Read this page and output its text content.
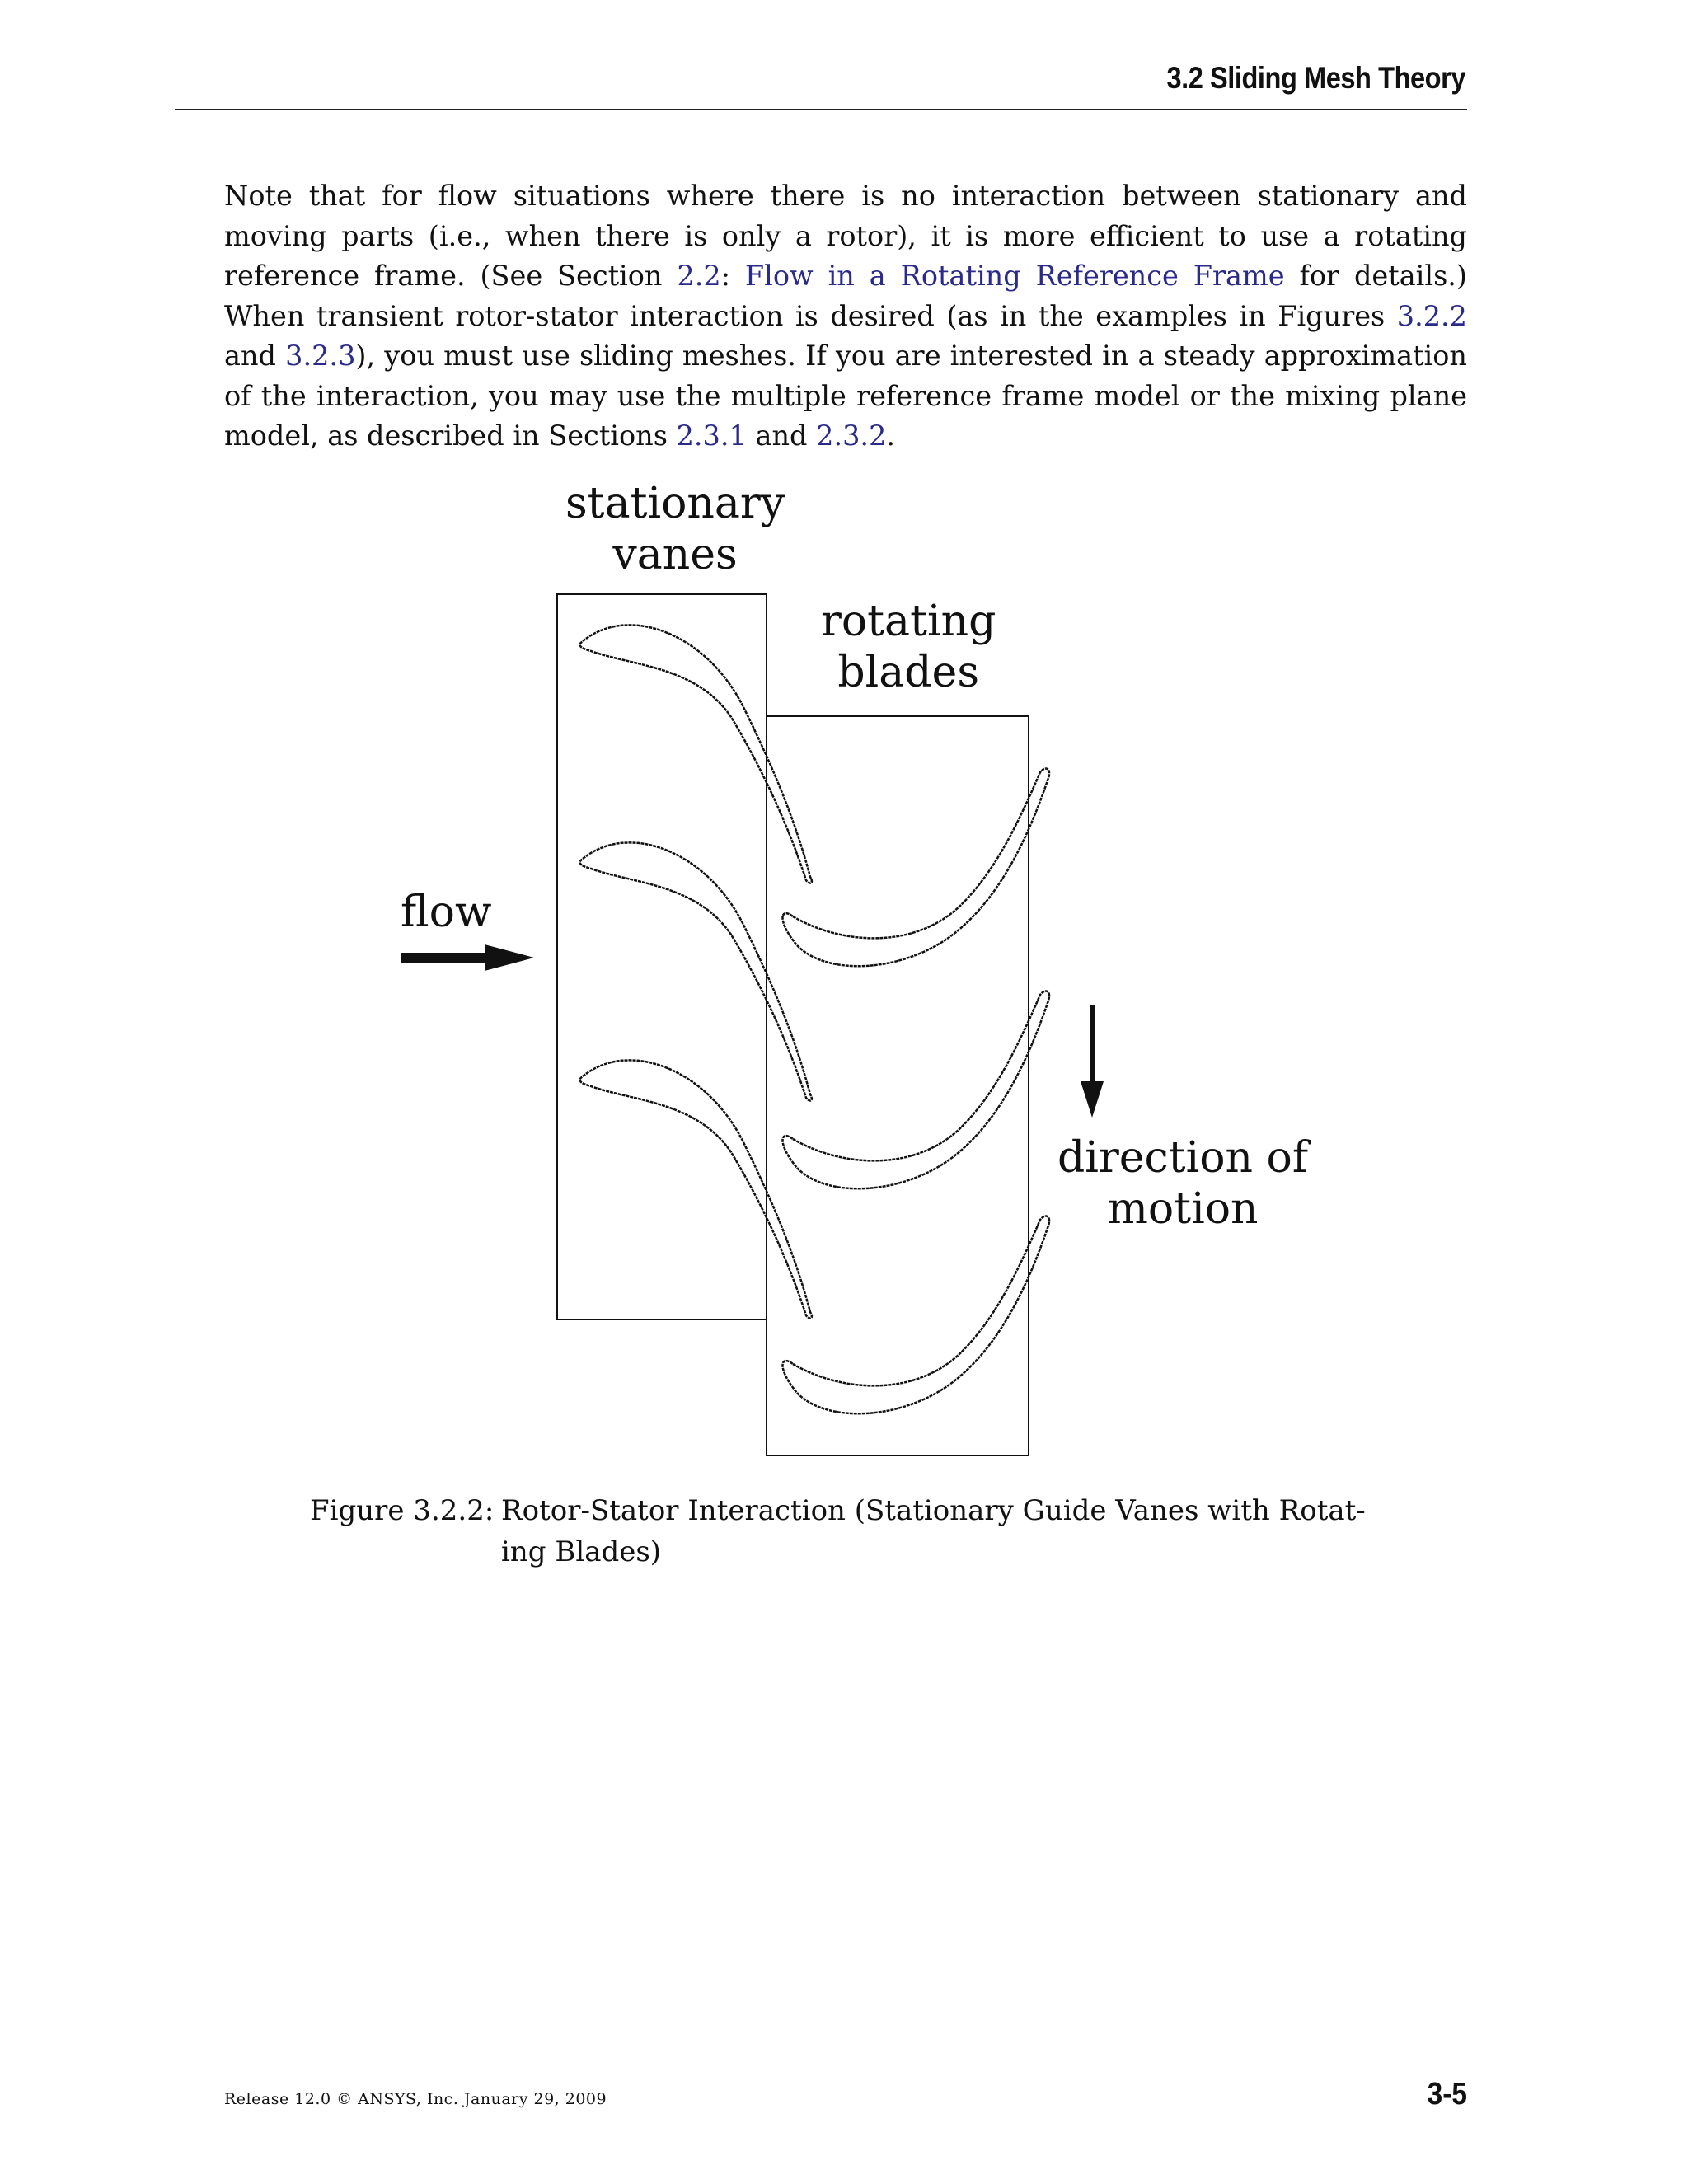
3.2 Sliding Mesh Theory

Note that for flow situations where there is no interaction between stationary and moving parts (i.e., when there is only a rotor), it is more efficient to use a rotating reference frame. (See Section 2.2: Flow in a Rotating Reference Frame for details.) When transient rotor-stator interaction is desired (as in the examples in Figures 3.2.2 and 3.2.3), you must use sliding meshes. If you are interested in a steady approximation of the interaction, you may use the multiple reference frame model or the mixing plane model, as described in Sections 2.3.1 and 2.3.2.

stationary
vanes
rotating
blades
flow
direction of
motion
Figure 3.2.2: Rotor-Stator Interaction (Stationary Guide Vanes with Rotat-ing Blades)
Release 12.0 © ANSYS, Inc. January 29, 2009	3-5
